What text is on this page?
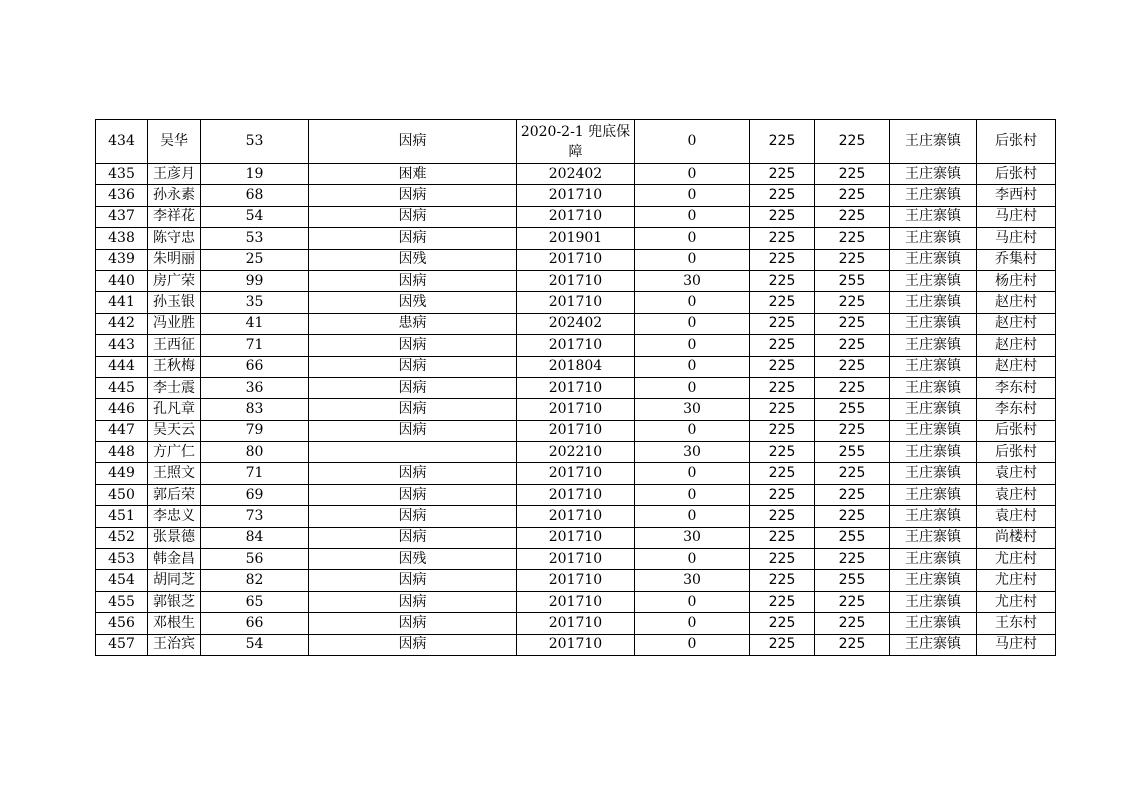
434	吴华	53	因病	2020-2-1 兜底保障	0	225	225	王庄寨镇	后张村
435	王彦月	19	困难	202402	0	225	225	王庄寨镇	后张村
436	孙永素	68	因病	201710	0	225	225	王庄寨镇	李西村
437	李祥花	54	因病	201710	0	225	225	王庄寨镇	马庄村
438	陈守忠	53	因病	201901	0	225	225	王庄寨镇	马庄村
439	朱明丽	25	因残	201710	0	225	225	王庄寨镇	乔集村
440	房广荣	99	因病	201710	30	225	255	王庄寨镇	杨庄村
441	孙玉银	35	因残	201710	0	225	225	王庄寨镇	赵庄村
442	冯业胜	41	患病	202402	0	225	225	王庄寨镇	赵庄村
443	王西征	71	因病	201710	0	225	225	王庄寨镇	赵庄村
444	王秋梅	66	因病	201804	0	225	225	王庄寨镇	赵庄村
445	李士震	36	因病	201710	0	225	225	王庄寨镇	李东村
446	孔凡章	83	因病	201710	30	225	255	王庄寨镇	李东村
447	吴天云	79	因病	201710	0	225	225	王庄寨镇	后张村
448	方广仁	80		202210	30	225	255	王庄寨镇	后张村
449	王照文	71	因病	201710	0	225	225	王庄寨镇	袁庄村
450	郭后荣	69	因病	201710	0	225	225	王庄寨镇	袁庄村
451	李忠义	73	因病	201710	0	225	225	王庄寨镇	袁庄村
452	张景德	84	因病	201710	30	225	255	王庄寨镇	尚楼村
453	韩金昌	56	因残	201710	0	225	225	王庄寨镇	尤庄村
454	胡同芝	82	因病	201710	30	225	255	王庄寨镇	尤庄村
455	郭银芝	65	因病	201710	0	225	225	王庄寨镇	尤庄村
456	邓根生	66	因病	201710	0	225	225	王庄寨镇	王东村
457	王治宾	54	因病	201710	0	225	225	王庄寨镇	马庄村
